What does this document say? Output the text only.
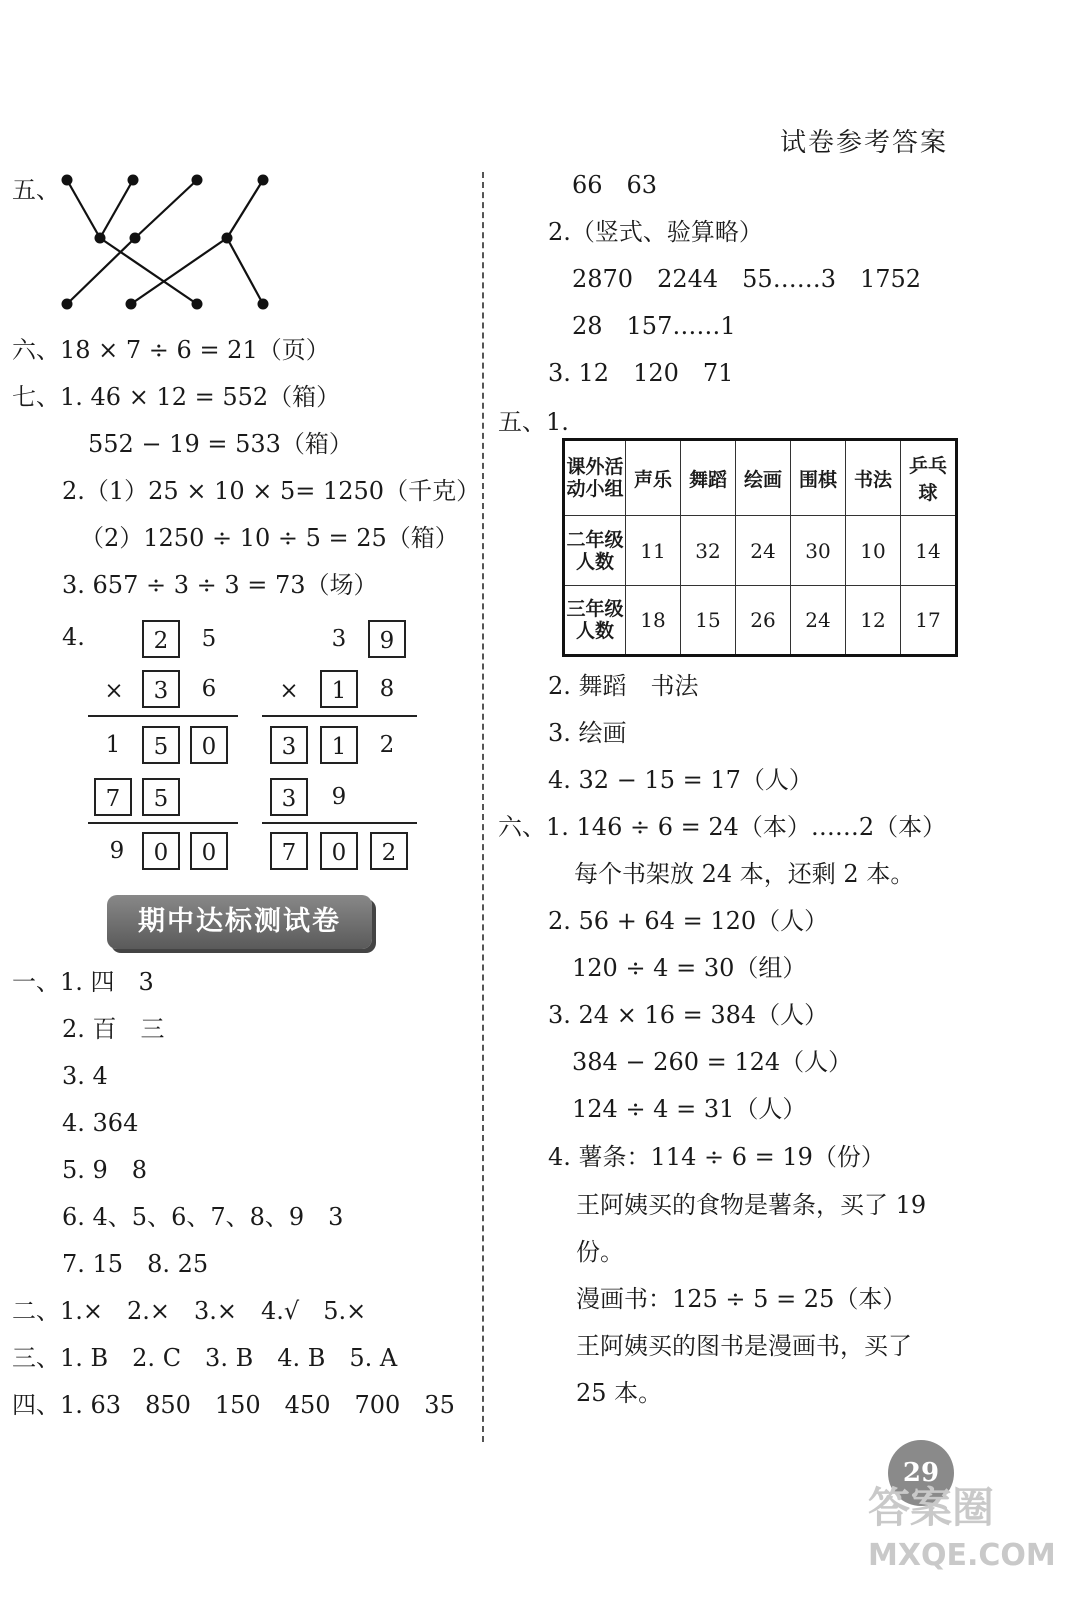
试卷参考答案
五、
六、18 × 7 ÷ 6 = 21（页）
七、1. 46 × 12 = 552（箱）
552 − 19 = 533（箱）
2.（1）25 × 10 × 5= 1250（千克）
（2）1250 ÷ 10 ÷ 5 = 25（箱）
3. 657 ÷ 3 ÷ 3 = 73（场）
4.	2	5
×	3	6
1	5	0
7	5
9	0	0
3	9
×	1	8
3	1	2
3	9
7	0	2
期中达标测试卷
一、1. 四　3
2. 百　三
3. 4
4. 364
5. 9　8
6. 4、5、6、7、8、9　3
7. 15　8. 25
二、1.×　2.×　3.×　4.√　5.×
三、1. B　2. C　3. B　4. B　5. A
四、1. 63　850　150　450　700　35
66　63
2.（竖式、验算略）
2870　2244　55……3　1752
28　157……1
3. 12　120　71
五、1.
课外活动小组	声乐	舞蹈	绘画	围棋	书法	乒乓球
二年级人数	11	32	24	30	10	14
三年级人数	18	15	26	24	12	17
2. 舞蹈　书法
3. 绘画
4. 32 − 15 = 17（人）
六、1. 146 ÷ 6 = 24（本）……2（本）
每个书架放 24 本，还剩 2 本。
2. 56 + 64 = 120（人）
120 ÷ 4 = 30（组）
3. 24 × 16 = 384（人）
384 − 260 = 124（人）
124 ÷ 4 = 31（人）
4. 薯条：114 ÷ 6 = 19（份）
王阿姨买的食物是薯条，买了 19
份。
漫画书：125 ÷ 5 = 25（本）
王阿姨买的图书是漫画书，买了
25 本。
29
答案圈
MXQE.COM
